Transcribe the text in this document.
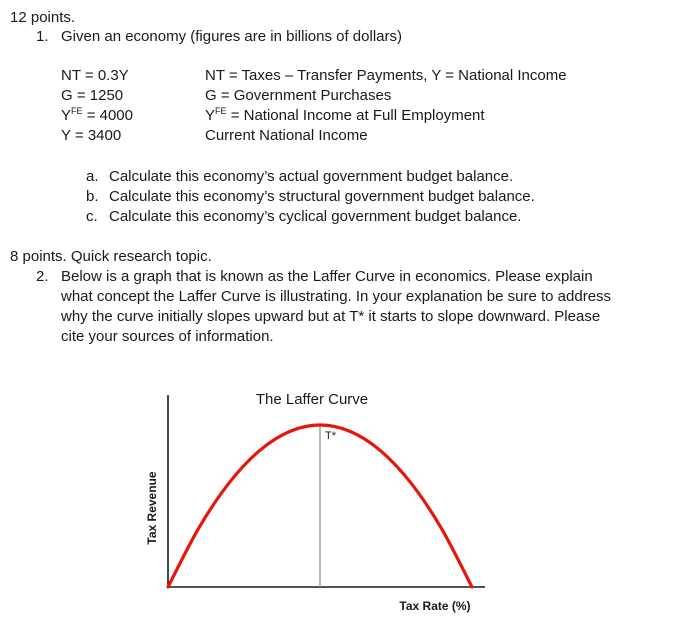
12 points.
1. Given an economy (figures are in billions of dollars)
NT = 0.3Y	NT = Taxes – Transfer Payments, Y = National Income
G = 1250	G = Government Purchases
$Y^{FE} = 4000$	$Y^{FE}$ = National Income at Full Employment
Y = 3400	Current National Income
a. Calculate this economy’s actual government budget balance.
b. Calculate this economy’s structural government budget balance.
c. Calculate this economy’s cyclical government budget balance.
8 points. Quick research topic.
2. Below is a graph that is known as the Laffer Curve in economics. Please explain
what concept the Laffer Curve is illustrating. In your explanation be sure to address
why the curve initially slopes upward but at T* it starts to slope downward. Please
cite your sources of information.
The Laffer Curve
Tax Revenue
Tax Rate (%)
T*
